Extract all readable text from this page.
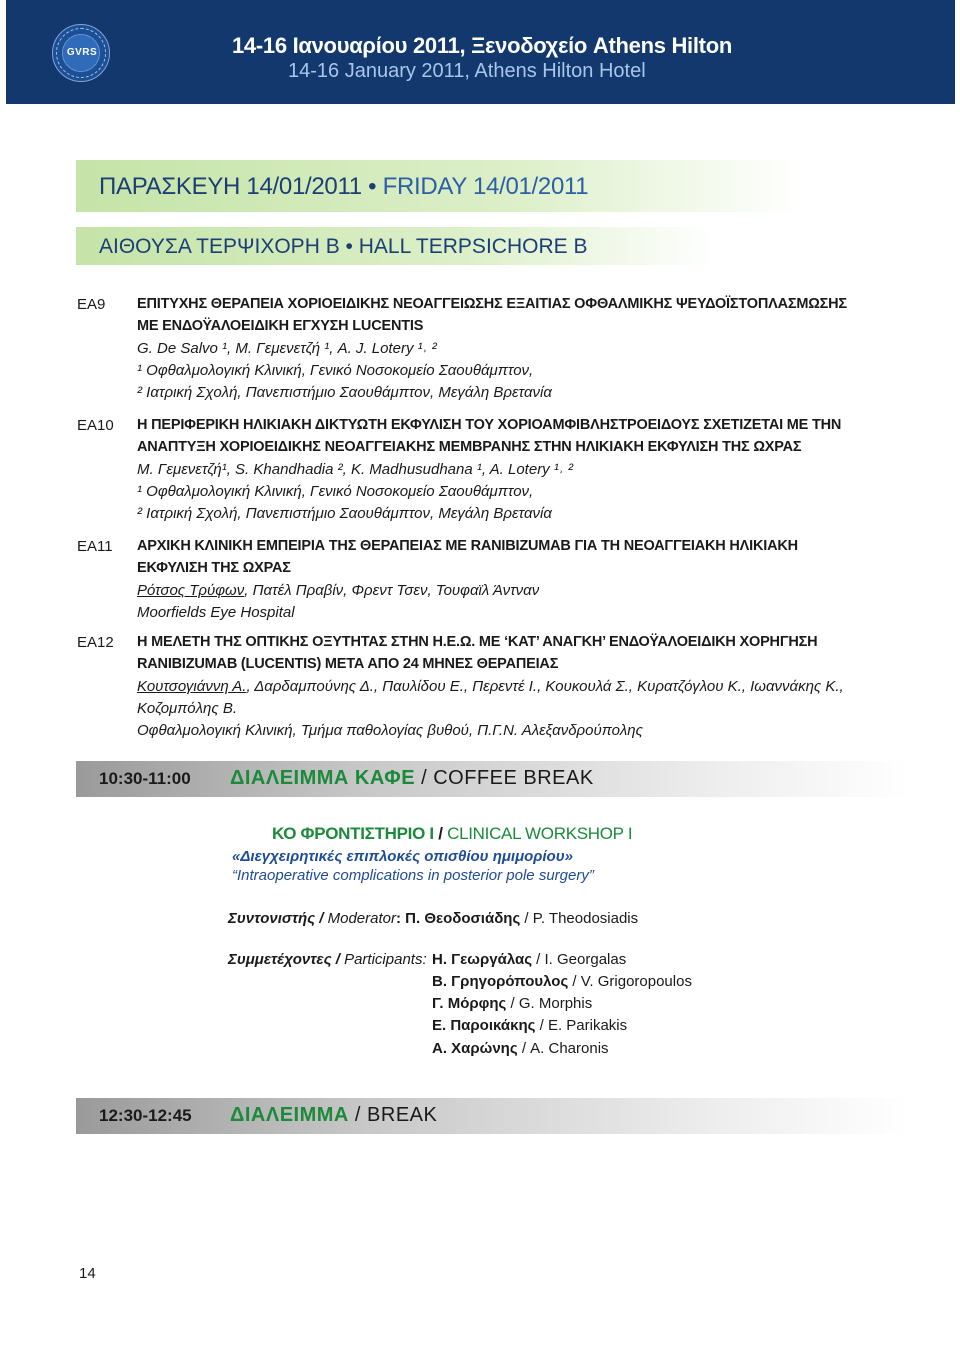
GVRS	14-16 Ιανουαρίου 2011, Ξενοδοχείο Athens Hilton
14-16 January 2011, Athens Hilton Hotel
ΠΑΡΑΣΚΕΥΗ 14/01/2011 • FRIDAY 14/01/2011
ΑΙΘΟΥΣΑ ΤΕΡΨΙΧΟΡΗ Β • HALL TERPSICHORE B
ΕΑ9 ΕΠΙΤΥΧΗΣ ΘΕΡΑΠΕΙΑ ΧΟΡΙΟΕΙΔΙΚΗΣ ΝΕΟΑΓΓΕΙΩΣΗΣ ΕΞΑΙΤΙΑΣ ΟΦΘΑΛΜΙΚΗΣ ΨΕΥΔΟΪΣΤΟΠΛΑΣΜΩΣΗΣ
ΜΕ ΕΝΔΟΫΑΛΟΕΙΔΙΚΗ ΕΓΧΥΣΗ LUCENTIS
G. De Salvo ¹, Μ. Γεμενετζή ¹, A. J. Lotery ¹˒ ²
¹ Οφθαλμολογική Κλινική, Γενικό Νοσοκομείο Σαουθάμπτον,
² Ιατρική Σχολή, Πανεπιστήμιο Σαουθάμπτον, Μεγάλη Βρετανία
ΕΑ10 Η ΠΕΡΙΦΕΡΙΚΗ ΗΛΙΚΙΑΚΗ ΔΙΚΤΥΩΤΗ ΕΚΦΥΛΙΣΗ ΤΟΥ ΧΟΡΙΟΑΜΦΙΒΛΗΣΤΡΟΕΙΔΟΥΣ ΣΧΕΤΙΖΕΤΑΙ ΜΕ ΤΗΝ
ΑΝΑΠΤΥΞΗ ΧΟΡΙΟΕΙΔΙΚΗΣ ΝΕΟΑΓΓΕΙΑΚΗΣ ΜΕΜΒΡΑΝΗΣ ΣΤΗΝ ΗΛΙΚΙΑΚΗ ΕΚΦΥΛΙΣΗ ΤΗΣ ΩΧΡΑΣ
Μ. Γεμενετζή¹, S. Khandhadia ², K. Madhusudhana ¹, A. Lotery ¹˒ ²
¹ Οφθαλμολογική Κλινική, Γενικό Νοσοκομείο Σαουθάμπτον,
² Ιατρική Σχολή, Πανεπιστήμιο Σαουθάμπτον, Μεγάλη Βρετανία
ΕΑ11 ΑΡΧΙΚΗ ΚΛΙΝΙΚΗ ΕΜΠΕΙΡΙΑ ΤΗΣ ΘΕΡΑΠΕΙΑΣ ΜΕ RANIBIZUMAB ΓΙΑ ΤΗ ΝΕΟΑΓΓΕΙΑΚΗ ΗΛΙΚΙΑΚΗ
ΕΚΦΥΛΙΣΗ ΤΗΣ ΩΧΡΑΣ
Ρότσος Τρύφων, Πατέλ Πραβίν, Φρεντ Τσεν, Τουφαϊλ Άντναν
Moorfields Eye Hospital
ΕΑ12 Η ΜΕΛΕΤΗ ΤΗΣ ΟΠΤΙΚΗΣ ΟΞΥΤΗΤΑΣ ΣΤΗΝ Η.Ε.Ω. ΜΕ ‘ΚΑΤ’ ΑΝΑΓΚΗ’ ΕΝΔΟΫΑΛΟΕΙΔΙΚΗ ΧΟΡΗΓΗΣΗ
RANIBIZUMAB (LUCENTIS) ΜΕΤΑ ΑΠΟ 24 ΜΗΝΕΣ ΘΕΡΑΠΕΙΑΣ
Κουτσογιάννη Α., Δαρδαμπούνης Δ., Παυλίδου Ε., Περεντέ Ι., Κουκουλά Σ., Κυρατζόγλου Κ., Ιωαννάκης Κ.,
Κοζομπόλης Β.
Οφθαλμολογική Κλινική, Τμήμα παθολογίας βυθού, Π.Γ.Ν. Αλεξανδρούπολης
10:30-11:00 ΔΙΑΛΕΙΜΜΑ ΚΑΦΕ / COFFEE BREAK
ΚΟ ΦΡΟΝΤΙΣΤΗΡΙΟ Ι / CLINICAL WORKSHOP I
«Διεγχειρητικές επιπλοκές οπισθίου ημιμορίου»
“Intraoperative complications in posterior pole surgery”
Συντονιστής / Moderator: Π. Θεοδοσιάδης / P. Theodosiadis
Συμμετέχοντες / Participants: Η. Γεωργάλας / I. Georgalas
Β. Γρηγορόπουλος / V. Grigoropoulos
Γ. Μόρφης / G. Morphis
Ε. Παροικάκης / E. Parikakis
Α. Χαρώνης / A. Charonis
12:30-12:45 ΔΙΑΛΕΙΜΜΑ / BREAK
14
